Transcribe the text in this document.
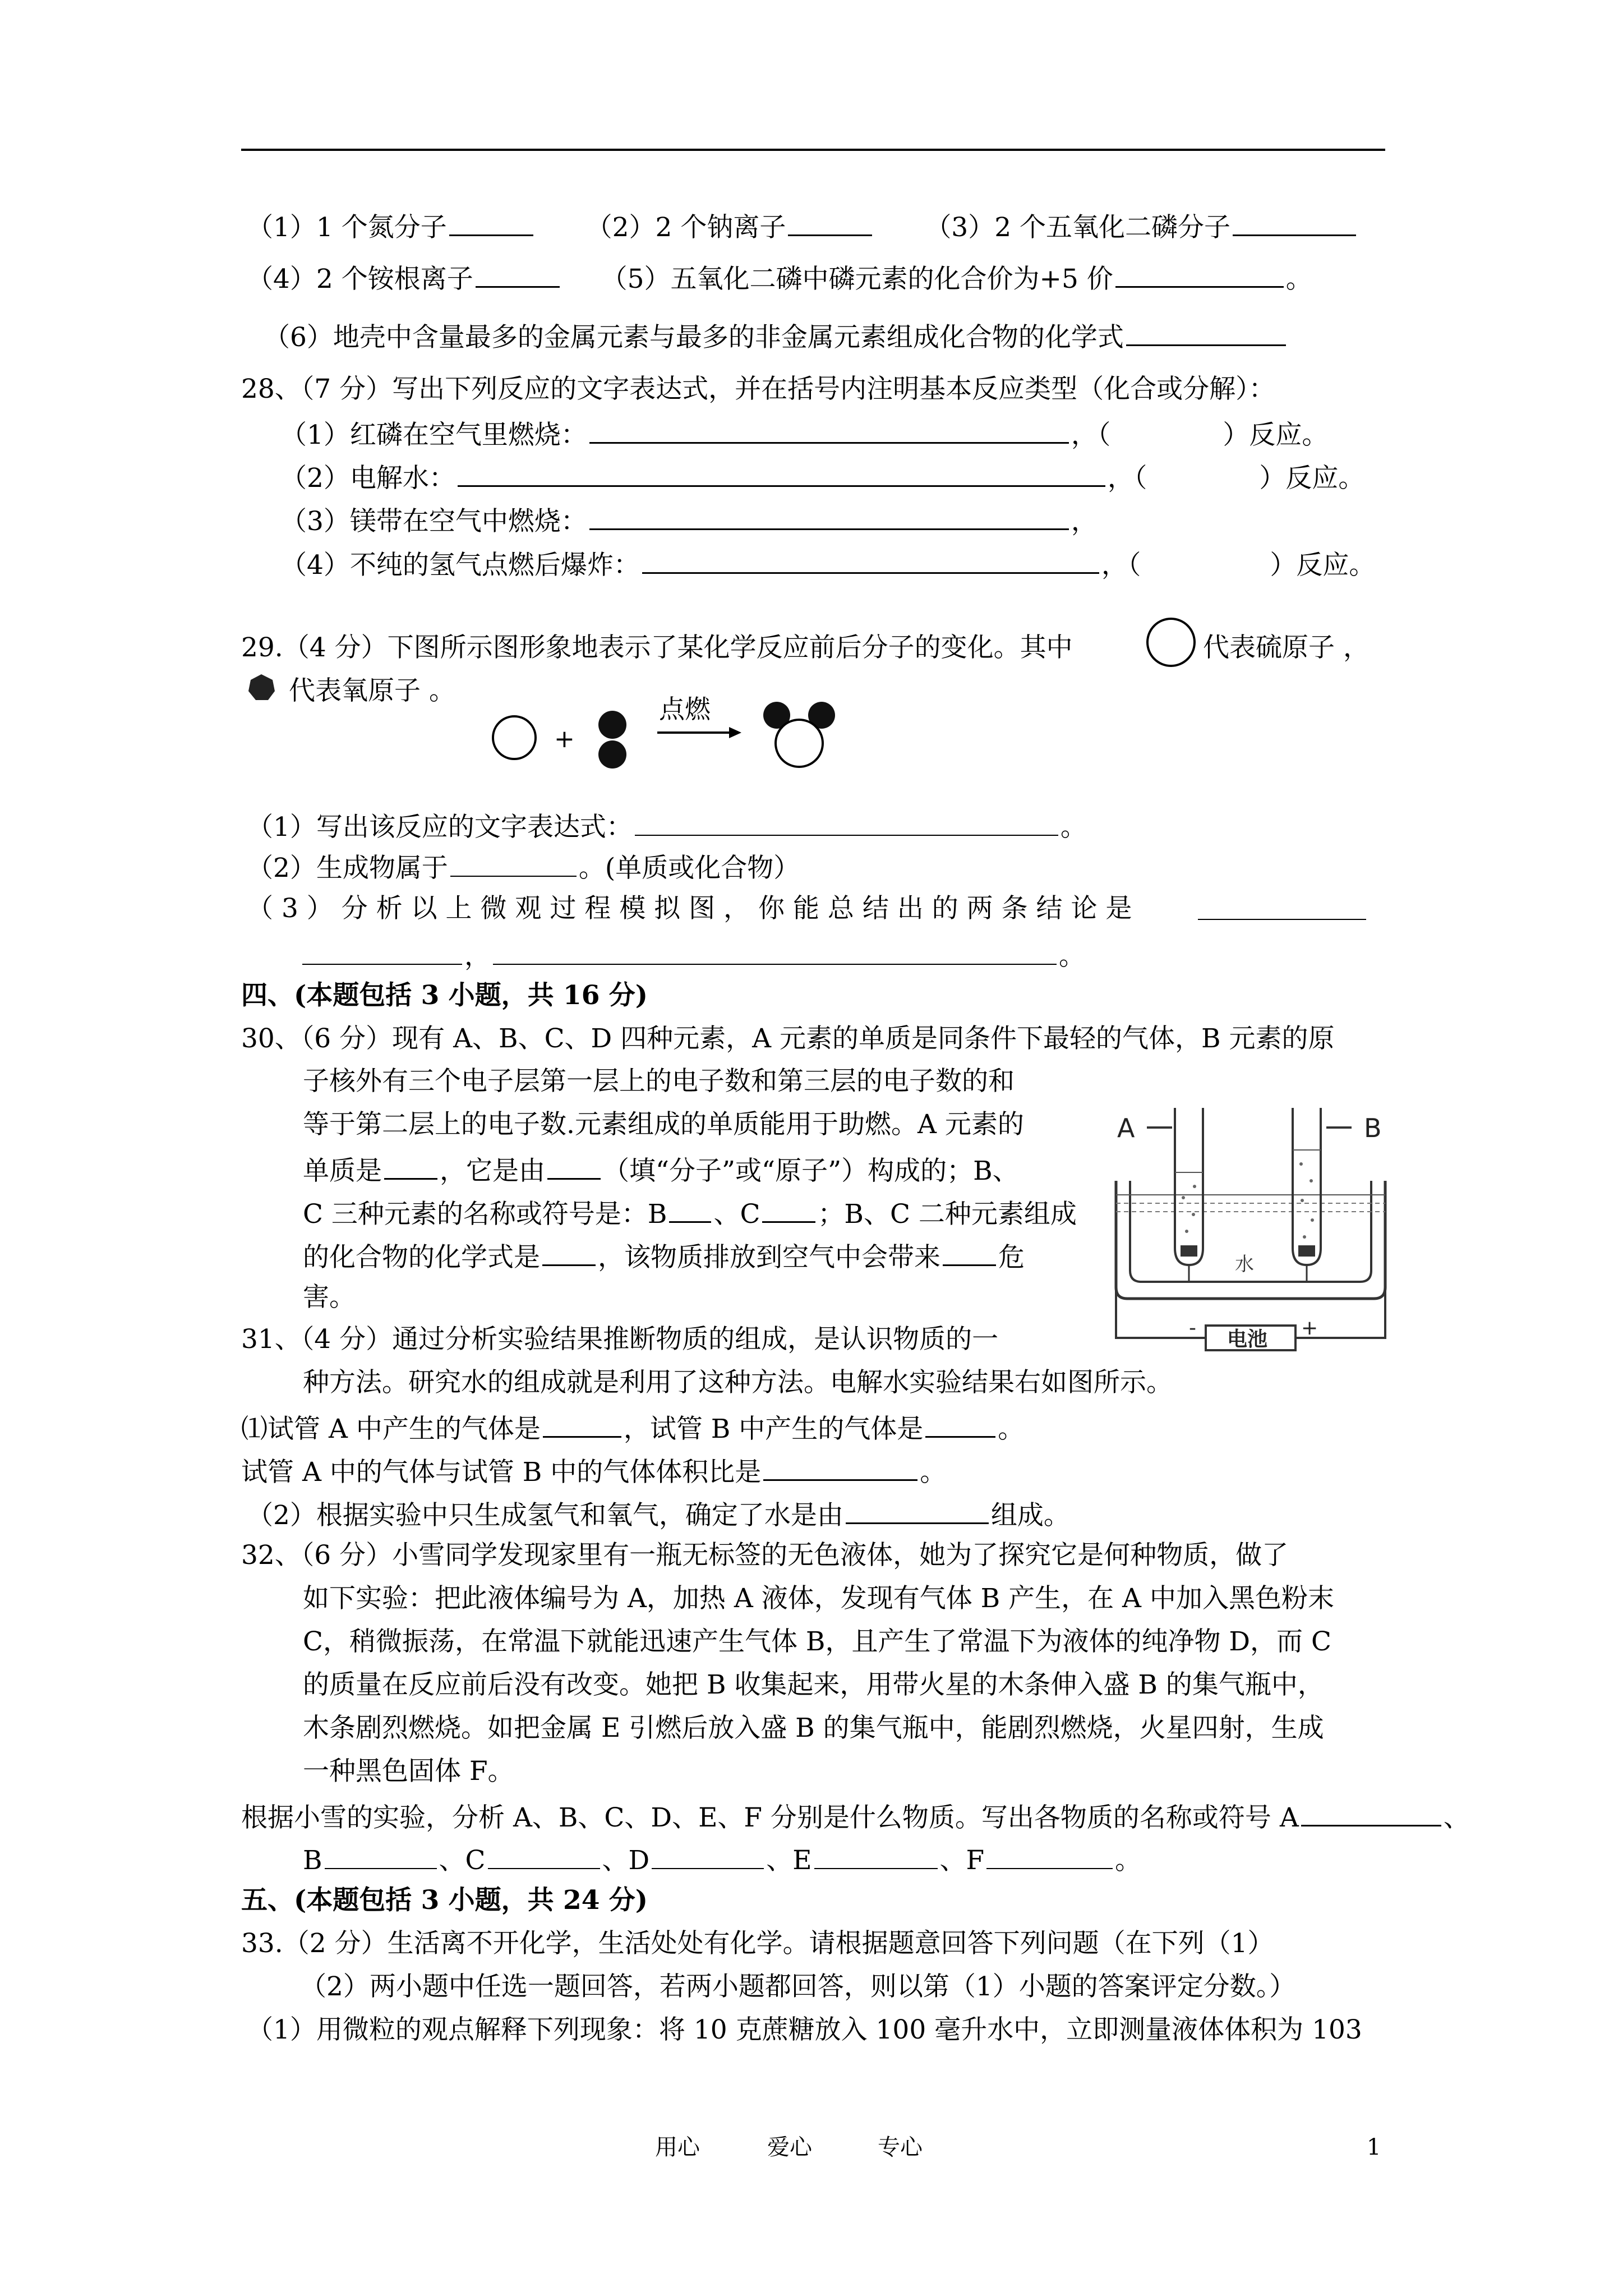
（1）1 个氮分子	（2）2 个钠离子	（3）2 个五氧化二磷分子
（4）2 个铵根离子	（5）五氧化二磷中磷元素的化合价为+5 价	。
（6）地壳中含量最多的金属元素与最多的非金属元素组成化合物的化学式
28、（7 分）写出下列反应的文字表达式，并在括号内注明基本反应类型（化合或分解）：
（1）红磷在空气里燃烧：	，（	）反应。
（2）电解水：	，（	）反应。
（3）镁带在空气中燃烧：	，
（4）不纯的氢气点燃后爆炸：	，（	）反应。
29.（4 分）下图所示图形象地表示了某化学反应前后分子的变化。其中	代表硫原子 ，
代表氧原子 。
+
点燃
（1）写出该反应的文字表达式：	。
（2）生成物属于	。(单质或化合物）
（ 3 ） 分 析 以 上 微 观 过 程 模 拟 图 ， 你 能 总 结 出 的 两 条 结 论 是
，	。
四、(本题包括 3 小题，共 16 分)
30、（6 分）现有 A、B、C、D 四种元素，A 元素的单质是同条件下最轻的气体，B 元素的原
子核外有三个电子层第一层上的电子数和第三层的电子数的和
等于第二层上的电子数.元素组成的单质能用于助燃。A 元素的
单质是 ，它是由 （填“分子”或“原子”）构成的；B、
C 三种元素的名称或符号是：B 、C ；B、C 二种元素组成
的化合物的化学式是 ，该物质排放到空气中会带来 危
害。
A	B
水
电池
-	+
31、（4 分）通过分析实验结果推断物质的组成，是认识物质的一
种方法。研究水的组成就是利用了这种方法。电解水实验结果右如图所示。
⑴试管 A 中产生的气体是	，试管 B 中产生的气体是	。
试管 A 中的气体与试管 B 中的气体体积比是	。
（2）根据实验中只生成氢气和氧气，确定了水是由	组成。
32、（6 分）小雪同学发现家里有一瓶无标签的无色液体，她为了探究它是何种物质，做了
如下实验：把此液体编号为 A，加热 A 液体，发现有气体 B 产生，在 A 中加入黑色粉末
C，稍微振荡，在常温下就能迅速产生气体 B，且产生了常温下为液体的纯净物 D，而 C
的质量在反应前后没有改变。她把 B 收集起来，用带火星的木条伸入盛 B 的集气瓶中，
木条剧烈燃烧。如把金属 E 引燃后放入盛 B 的集气瓶中，能剧烈燃烧，火星四射，生成
一种黑色固体 F。
根据小雪的实验，分析 A、B、C、D、E、F 分别是什么物质。写出各物质的名称或符号 A	、
B	、C	、D	、E	、F	。
五、(本题包括 3 小题，共 24 分)
33.（2 分）生活离不开化学，生活处处有化学。请根据题意回答下列问题（在下列（1）
（2）两小题中任选一题回答，若两小题都回答，则以第（1）小题的答案评定分数。）
（1）用微粒的观点解释下列现象：将 10 克蔗糖放入 100 毫升水中，立即测量液体体积为 103
用心	爱心	专心	1
